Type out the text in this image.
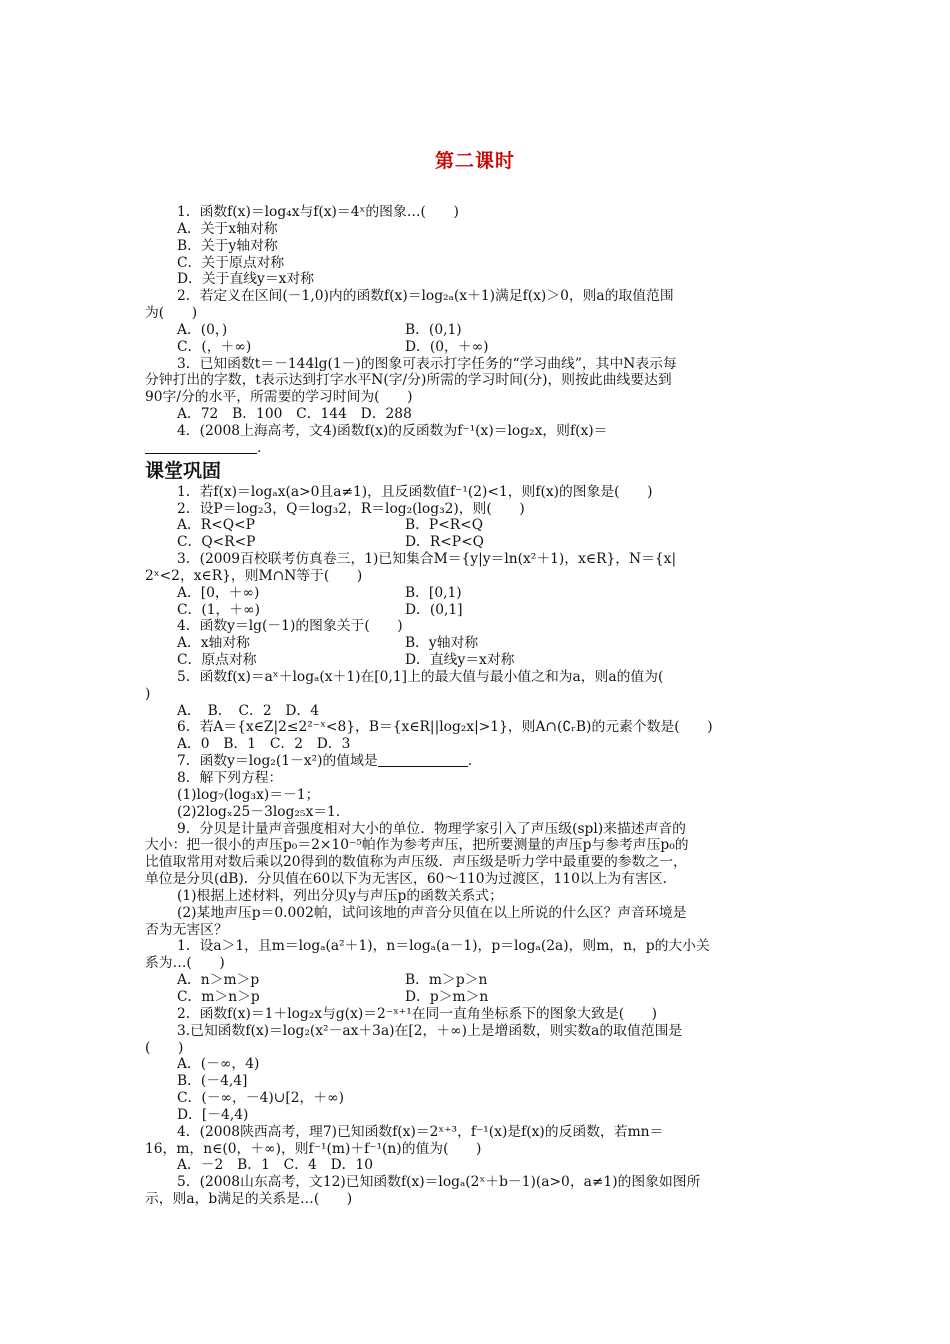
第二课时
1．函数f(x)＝log₄x与f(x)＝4ˣ的图象…(　　)
A．关于x轴对称
B．关于y轴对称
C．关于原点对称
D．关于直线y＝x对称
2．若定义在区间(－1,0)内的函数f(x)＝log₂ₐ(x＋1)满足f(x)＞0，则a的取值范围
为(　　)
A．(0，)	B．(0,1)
C．(，＋∞)	D．(0，＋∞)
3．已知函数t＝－144lg(1－)的图象可表示打字任务的“学习曲线”，其中N表示每
分钟打出的字数，t表示达到打字水平N(字/分)所需的学习时间(分)，则按此曲线要达到
90字/分的水平，所需要的学习时间为(　　)
A．72　B．100　C．144　D．288
4．(2008上海高考，文4)函数f(x)的反函数为f⁻¹(x)＝log₂x，则f(x)＝
.
课堂巩固
1．若f(x)＝logₐx(a>0且a≠1)，且反函数值f⁻¹(2)<1，则f(x)的图象是(　　)
2．设P＝log₂3，Q＝log₃2，R＝log₂(log₃2)，则(　　)
A．R<Q<P	B．P<R<Q
C．Q<R<P	D．R<P<Q
3．(2009百校联考仿真卷三，1)已知集合M＝{y|y＝ln(x²＋1)，x∈R}，N＝{x|
2ˣ<2，x∈R}，则M∩N等于(　　)
A．[0，＋∞)	B．[0,1)
C．(1，＋∞)	D．(0,1]
4．函数y＝lg(－1)的图象关于(　　)
A．x轴对称	B．y轴对称
C．原点对称	D．直线y＝x对称
5．函数f(x)＝aˣ＋logₐ(x＋1)在[0,1]上的最大值与最小值之和为a，则a的值为(
)
A．　B．　C．2　D．4
6．若A＝{x∈Z|2≤2²⁻ˣ<8}，B＝{x∈R||log₂x|>1}，则A∩(∁ᵣB)的元素个数是(　　)
A．0　B．1　C．2　D．3
7．函数y＝log₂(1－x²)的值域是	.
8．解下列方程：
(1)log₇(log₃x)＝－1；
(2)2logₓ25－3log₂₅x＝1.
9．分贝是计量声音强度相对大小的单位．物理学家引入了声压级(spl)来描述声音的
大小：把一很小的声压p₀＝2×10⁻⁵帕作为参考声压，把所要测量的声压p与参考声压p₀的
比值取常用对数后乘以20得到的数值称为声压级．声压级是听力学中最重要的参数之一，
单位是分贝(dB)．分贝值在60以下为无害区，60～110为过渡区，110以上为有害区．
(1)根据上述材料，列出分贝y与声压p的函数关系式；
(2)某地声压p＝0.002帕，试问该地的声音分贝值在以上所说的什么区？声音环境是
否为无害区？
1．设a＞1，且m＝logₐ(a²＋1)，n＝logₐ(a－1)，p＝logₐ(2a)，则m，n，p的大小关
系为…(　　)
A．n＞m＞p	B．m＞p＞n
C．m＞n＞p	D．p＞m＞n
2．函数f(x)＝1＋log₂x与g(x)＝2⁻ˣ⁺¹在同一直角坐标系下的图象大致是(　　)
3.已知函数f(x)＝log₂(x²－ax＋3a)在[2，＋∞)上是增函数，则实数a的取值范围是
(　　)
A．(－∞，4)
B．(－4,4]
C．(－∞，－4)∪[2，＋∞)
D．[－4,4)
4．(2008陕西高考，理7)已知函数f(x)＝2ˣ⁺³，f⁻¹(x)是f(x)的反函数，若mn＝
16，m，n∈(0，＋∞)，则f⁻¹(m)＋f⁻¹(n)的值为(　　)
A．－2　B．1　C．4　D．10
5．(2008山东高考，文12)已知函数f(x)＝logₐ(2ˣ＋b－1)(a>0，a≠1)的图象如图所
示，则a，b满足的关系是…(　　)
